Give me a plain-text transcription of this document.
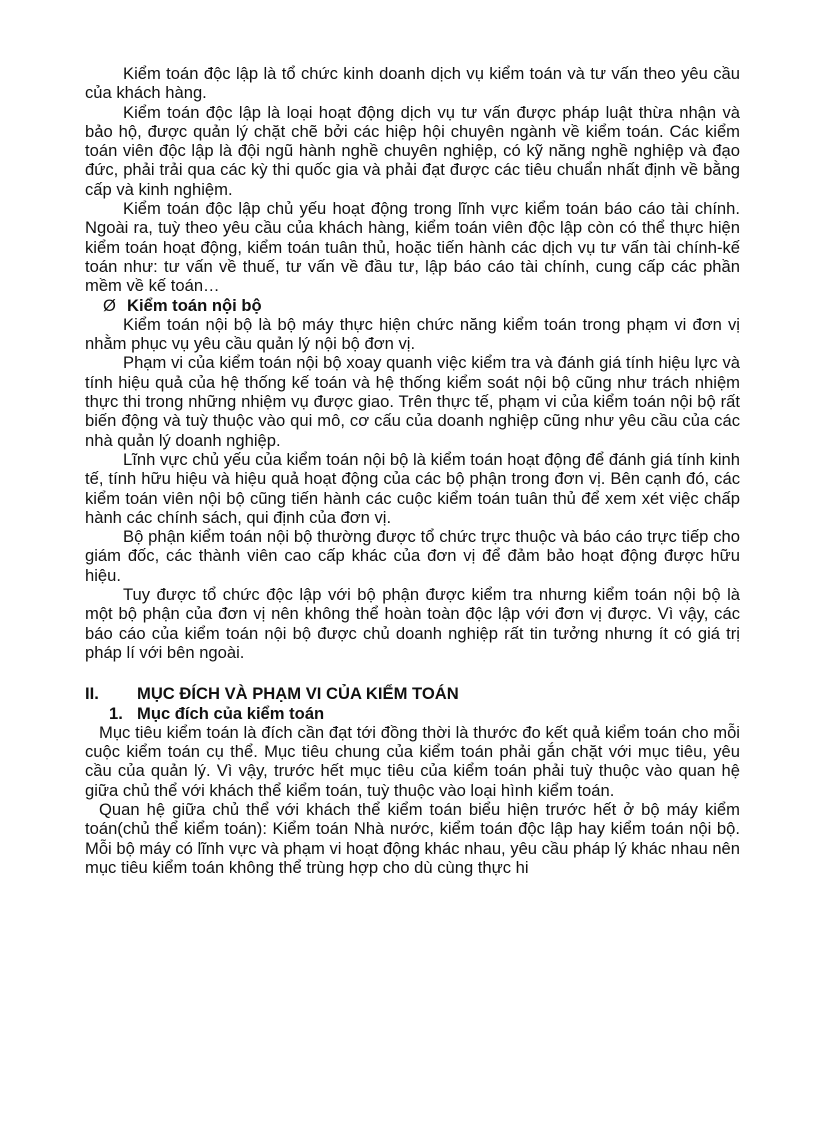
Kiểm toán độc lập là tổ chức kinh doanh dịch vụ kiểm toán và tư vấn theo yêu cầu của khách hàng.

Kiểm toán độc lập là loại hoạt động dịch vụ tư vấn được pháp luật thừa nhận và bảo hộ, được quản lý chặt chẽ bởi các hiệp hội chuyên ngành về kiểm toán. Các kiểm toán viên độc lập là đội ngũ hành nghề chuyên nghiệp, có kỹ năng nghề nghiệp và đạo đức, phải trải qua các kỳ thi quốc gia và phải đạt được các tiêu chuẩn nhất định về bằng cấp và kinh nghiệm.

Kiểm toán độc lập chủ yếu hoạt động trong lĩnh vực kiểm toán báo cáo tài chính. Ngoài ra, tuỳ theo yêu cầu của khách hàng, kiểm toán viên độc lập còn có thể thực hiện kiểm toán hoạt động, kiểm toán tuân thủ, hoặc tiến hành các dịch vụ tư vấn tài chính-kế toán như: tư vấn về thuế, tư vấn về đầu tư, lập báo cáo tài chính, cung cấp các phần mềm về kế toán…

Ø Kiểm toán nội bộ

Kiểm toán nội bộ là bộ máy thực hiện chức năng kiểm toán trong phạm vi đơn vị nhằm phục vụ yêu cầu quản lý nội bộ đơn vị.

Phạm vi của kiểm toán nội bộ xoay quanh việc kiểm tra và đánh giá tính hiệu lực và tính hiệu quả của hệ thống kế toán và hệ thống kiểm soát nội bộ cũng như trách nhiệm thực thi trong những nhiệm vụ được giao. Trên thực tế, phạm vi của kiểm toán nội bộ rất biến động và tuỳ thuộc vào qui mô, cơ cấu của doanh nghiệp cũng như yêu cầu của các nhà quản lý doanh nghiệp.

Lĩnh vực chủ yếu của kiểm toán nội bộ là kiểm toán hoạt động để đánh giá tính kinh tế, tính hữu hiệu và hiệu quả hoạt động của các bộ phận trong đơn vị. Bên cạnh đó, các kiểm toán viên nội bộ cũng tiến hành các cuộc kiểm toán tuân thủ để xem xét việc chấp hành các chính sách, qui định của đơn vị.

Bộ phận kiểm toán nội bộ thường được tổ chức trực thuộc và báo cáo trực tiếp cho giám đốc, các thành viên cao cấp khác của đơn vị để đảm bảo hoạt động được hữu hiệu.

Tuy được tổ chức độc lập với bộ phận được kiểm tra nhưng kiểm toán nội bộ là một bộ phận của đơn vị nên không thể hoàn toàn độc lập với đơn vị được. Vì vậy, các báo cáo của kiểm toán nội bộ được chủ doanh nghiệp rất tin tưởng nhưng ít có giá trị pháp lí với bên ngoài.

II.	MỤC ĐÍCH VÀ PHẠM VI CỦA KIỂM TOÁN
1. Mục đích của kiểm toán

Mục tiêu kiểm toán là đích cần đạt tới đồng thời là thước đo kết quả kiểm toán cho mỗi cuộc kiểm toán cụ thể. Mục tiêu chung của kiểm toán phải gắn chặt với mục tiêu, yêu cầu của quản lý. Vì vậy, trước hết mục tiêu của kiểm toán phải tuỳ thuộc vào quan hệ giữa chủ thể với khách thể kiểm toán, tuỳ thuộc vào loại hình kiểm toán.

Quan hệ giữa chủ thể với khách thể kiểm toán biểu hiện trước hết ở bộ máy kiểm toán(chủ thể kiểm toán): Kiểm toán Nhà nước, kiểm toán độc lập hay kiểm toán nội bộ. Mỗi bộ máy có lĩnh vực và phạm vi hoạt động khác nhau, yêu cầu pháp lý khác nhau nên mục tiêu kiểm toán không thể trùng hợp cho dù cùng thực hi
